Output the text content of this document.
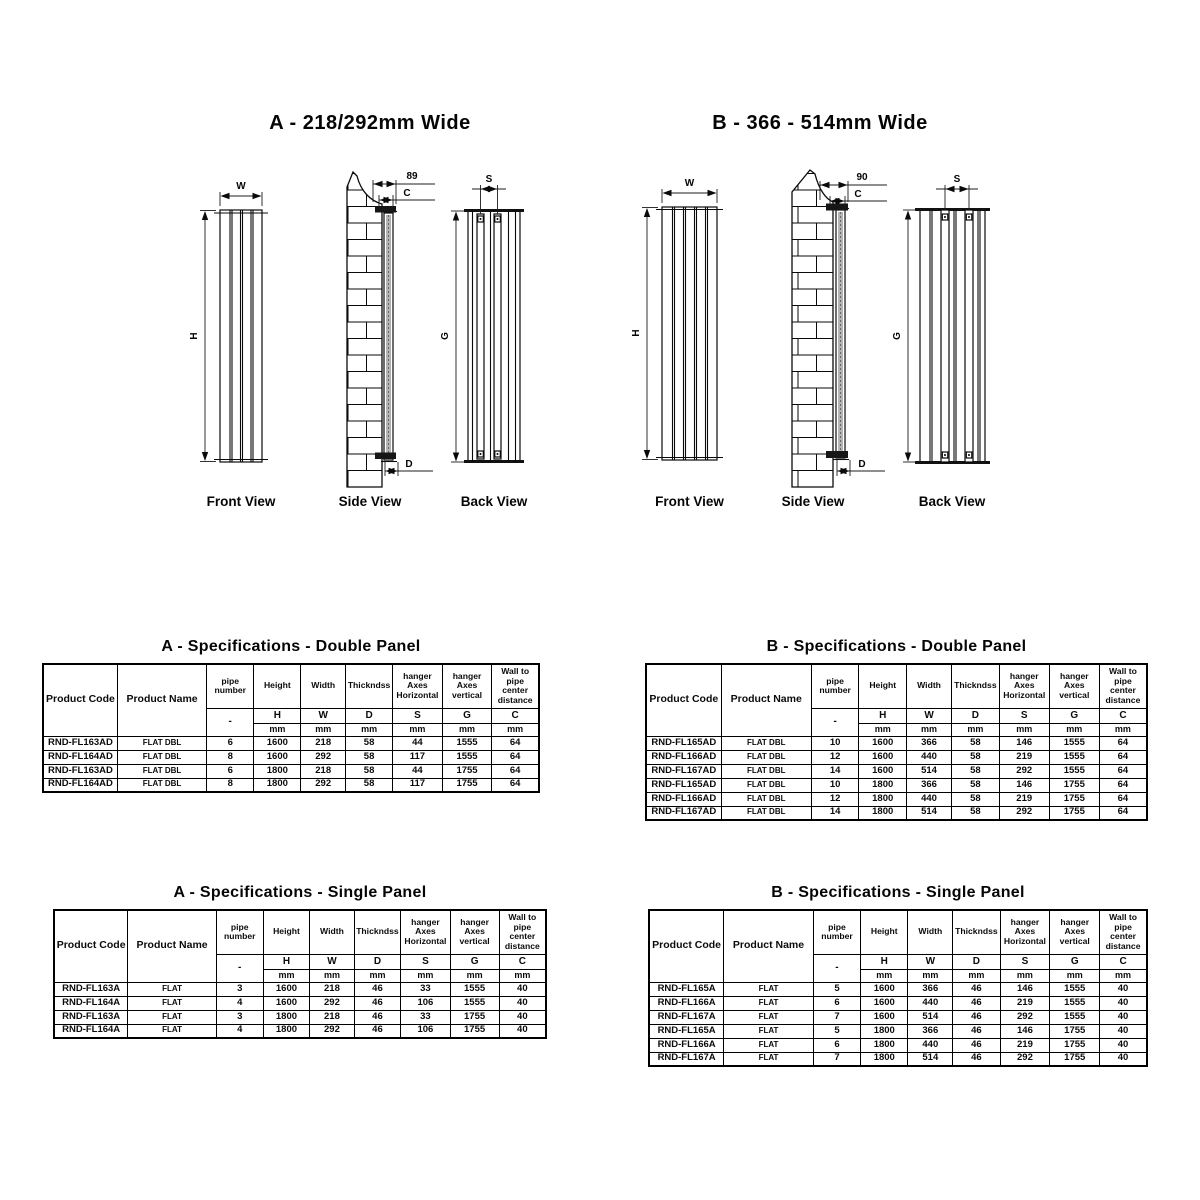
A - 218/292mm Wide	B - 366 - 514mm Wide
W
H
Front View
89
C
D
Side View
S
G
Back View
W
H
Front View
90
C
D
Side View
S
G
Back View
A - Specifications - Double Panel
Product Code	Product Name	pipe number	Height	Width	Thickndss	hanger Axes Horizontal	hanger Axes vertical	Wall to pipe center distance
		-	H	W	D	S	G	C
			mm	mm	mm	mm	mm	mm
RND-FL163AD	FLAT DBL	6	1600	218	58	44	1555	64
RND-FL164AD	FLAT DBL	8	1600	292	58	117	1555	64
RND-FL163AD	FLAT DBL	6	1800	218	58	44	1755	64
RND-FL164AD	FLAT DBL	8	1800	292	58	117	1755	64
B - Specifications - Double Panel
Product Code	Product Name	pipe number	Height	Width	Thickndss	hanger Axes Horizontal	hanger Axes vertical	Wall to pipe center distance
		-	H	W	D	S	G	C
			mm	mm	mm	mm	mm	mm
RND-FL165AD	FLAT DBL	10	1600	366	58	146	1555	64
RND-FL166AD	FLAT DBL	12	1600	440	58	219	1555	64
RND-FL167AD	FLAT DBL	14	1600	514	58	292	1555	64
RND-FL165AD	FLAT DBL	10	1800	366	58	146	1755	64
RND-FL166AD	FLAT DBL	12	1800	440	58	219	1755	64
RND-FL167AD	FLAT DBL	14	1800	514	58	292	1755	64
A - Specifications - Single Panel
Product Code	Product Name	pipe number	Height	Width	Thickndss	hanger Axes Horizontal	hanger Axes vertical	Wall to pipe center distance
		-	H	W	D	S	G	C
			mm	mm	mm	mm	mm	mm
RND-FL163A	FLAT	3	1600	218	46	33	1555	40
RND-FL164A	FLAT	4	1600	292	46	106	1555	40
RND-FL163A	FLAT	3	1800	218	46	33	1755	40
RND-FL164A	FLAT	4	1800	292	46	106	1755	40
B - Specifications - Single Panel
Product Code	Product Name	pipe number	Height	Width	Thickndss	hanger Axes Horizontal	hanger Axes vertical	Wall to pipe center distance
		-	H	W	D	S	G	C
			mm	mm	mm	mm	mm	mm
RND-FL165A	FLAT	5	1600	366	46	146	1555	40
RND-FL166A	FLAT	6	1600	440	46	219	1555	40
RND-FL167A	FLAT	7	1600	514	46	292	1555	40
RND-FL165A	FLAT	5	1800	366	46	146	1755	40
RND-FL166A	FLAT	6	1800	440	46	219	1755	40
RND-FL167A	FLAT	7	1800	514	46	292	1755	40
